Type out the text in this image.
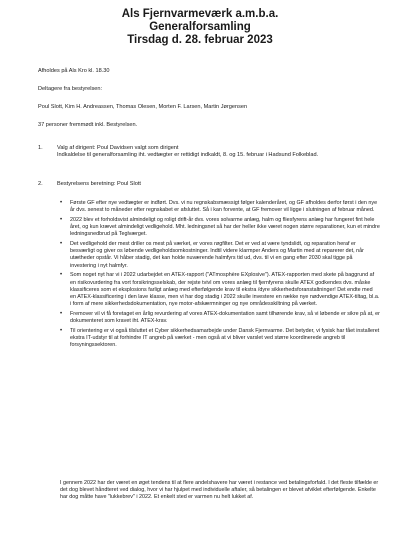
Als Fjernvarmeværk a.m.b.a.
Generalforsamling
Tirsdag d. 28. februar 2023
Afholdes på Als Kro kl. 18.30
Deltagere fra bestyrelsen:
Poul Slott, Kim H. Andreassen, Thomas Olesen, Morten F. Larsen, Martin Jørgensen
37 personer fremmødt inkl. Bestyrelsen.
1.	Valg af dirigent: Poul Davidsen valgt som dirigent
Indkaldelse til generalforsamling iht. vedtægter er rettidigt indkaldt, 8. og 15. februar i Hadsund Folkeblad.
2.	Bestyrelsens beretning: Poul Slott
• Første GF efter nye vedtægter er indført. Dvs. vi nu regnskabsmæssigt følger kalenderåret, og GF afholdes derfor først i den nye år dvs. senest to måneder efter regnskabet er afsluttet. Så i kan forvente, at GF fremover vil ligge i slutningen af februar måned.
• 2022 blev et forholdsvist almindeligt og roligt drift-år dvs. vores solvarme anlæg, halm og fliesfyrens anlæg har fungeret fint hele året, og kun krævet almindeligt vedligehold. Mht. ledningsnet så har der heller ikke været nogen større reparationer, kun et mindre ledningsnedbrud på Teglværget.
• Det vedligehold der mest driller os mest på værket, er vores røgfilter. Det er ved at være tyndslidt, og reparation heraf er besværligt og giver os løbende vedligeholdsomkostninger. Indtil videre klarmper Anders og Martin med at reparerer det, når utætheder opstår. Vi håber stadig, det kan holde nuværende halmfyrs tid ud, dvs. til vi en gang efter 2030 skal tigge på investering i nyt halmfyr.
• Som noget nyt har vi i 2022 udarbejdet en ATEX-rapport ("ATmosphère EXplosive"). ATEX-rapporten med skete på baggrund af en risikovurdering fra vort forsikringsselskab, der rejste tvivl om vores anlæg til fjernfyrens skulle ATEX godkendes dvs. måske klassificeres som et eksplosions farligt anlæg med efterfølgende krav til ekstra /dyre sikkerhedsforanstaltninger! Det endte med en ATEX-klassificering i den lave klasse, men vi har dog stadig i 2022 skulle investere en række nye nødvendige ATEX-tiltag, bl.a. i form af mere sikkerhedsdokumentation, nye motor-afskærmninger og nye områdesskiltning på værket.
• Fremover vil vi få foretaget en årlig revurdering af vores ATEX-dokumentation samt tilhørende krav, så vi løbende er sikre på at, er dokumenteret som kravet iht. ATEX-krav.
• Til orientering er vi også tilsluttet et Cyber sikkerhedsamarbejde under Dansk Fjernvarme. Det betyder, vi fysisk har fået installeret ekstra IT-udstyr til at forhindre IT angreb på værket - men også at vi bliver varslet ved større koordinerede angreb til forsyningssektoren.
I gennem 2022 har der været en øget tendens til at flere andelshavere har været i restance ved betalingsforfald. I det fleste tilfælde er det dog blevet håndteret ved dialog, hvor vi har hjulpet med individuelle aftaler, så betalingen er blevet afviklet efterfølgende. Enkelte har dog måtte have "lukkebrev" i 2022. Et enkelt sted er varmen nu helt lukket af.
